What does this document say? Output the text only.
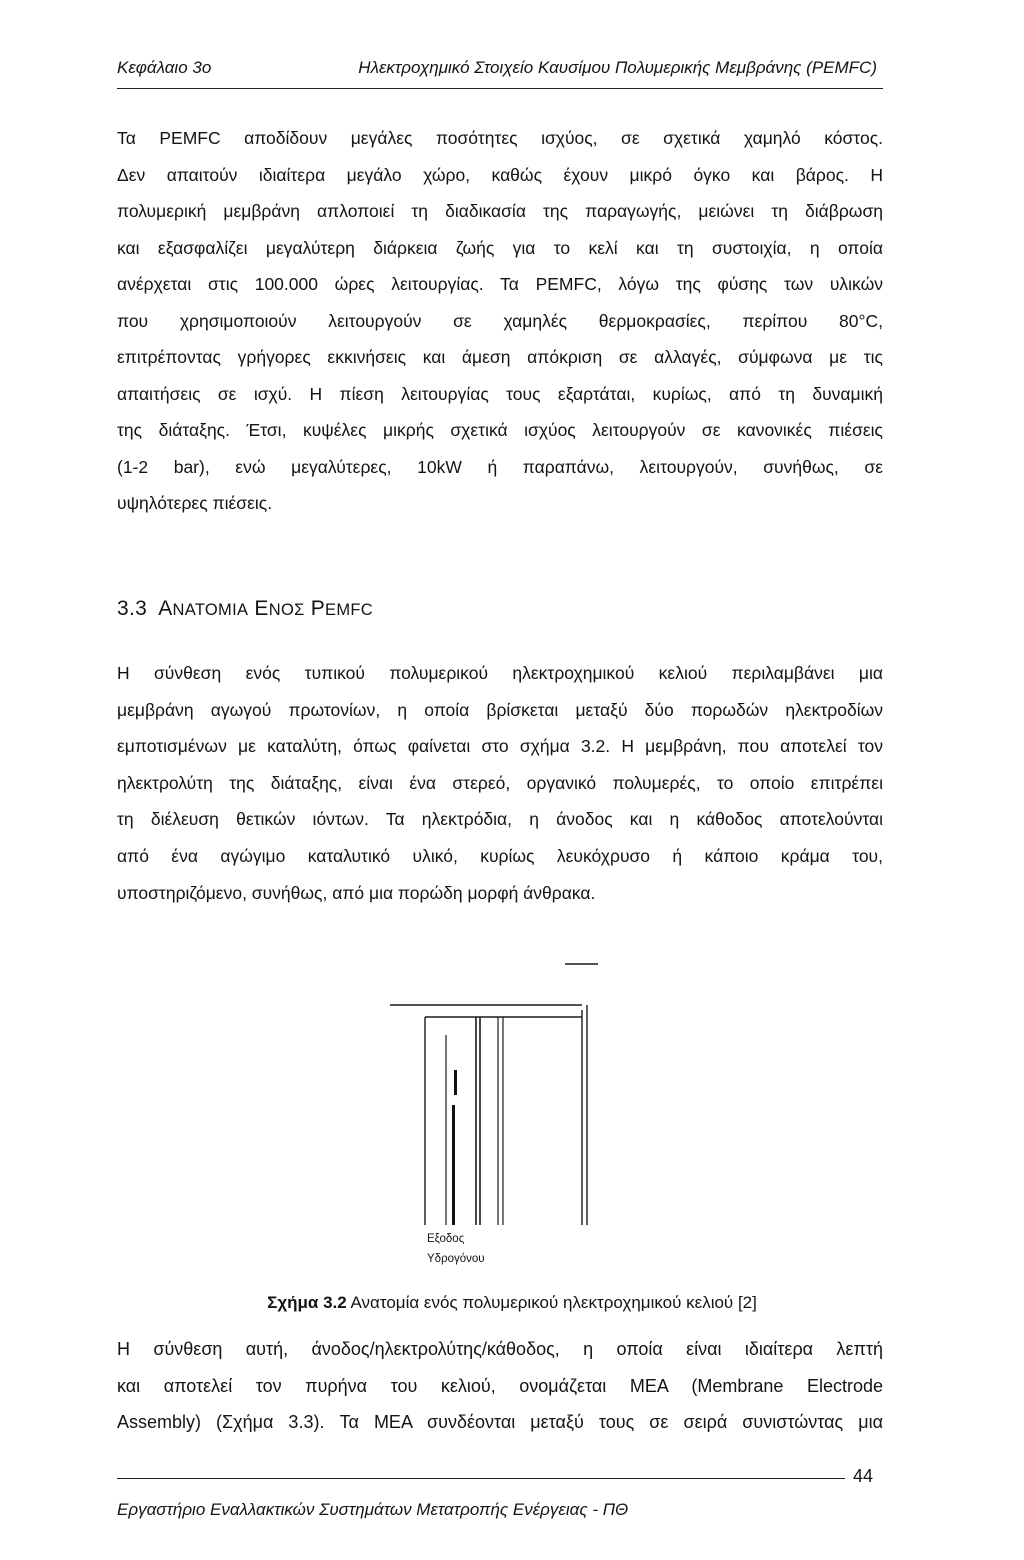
Κεφάλαιο 3ο	Ηλεκτροχημικό Στοιχείο Καυσίμου Πολυμερικής Μεμβράνης (PEMFC)

Τα PEMFC αποδίδουν μεγάλες ποσότητες ισχύος, σε σχετικά χαμηλό κόστος.
Δεν απαιτούν ιδιαίτερα μεγάλο χώρο, καθώς έχουν μικρό όγκο και βάρος. Η
πολυμερική μεμβράνη απλοποιεί τη διαδικασία της παραγωγής, μειώνει τη διάβρωση
και εξασφαλίζει μεγαλύτερη διάρκεια ζωής για το κελί και τη συστοιχία, η οποία
ανέρχεται στις 100.000 ώρες λειτουργίας. Τα PEMFC, λόγω της φύσης των υλικών
που χρησιμοποιούν λειτουργούν σε χαμηλές θερμοκρασίες, περίπου 80°C,
επιτρέποντας γρήγορες εκκινήσεις και άμεση απόκριση σε αλλαγές, σύμφωνα με τις
απαιτήσεις σε ισχύ. Η πίεση λειτουργίας τους εξαρτάται, κυρίως, από τη δυναμική
της διάταξης. Έτσι, κυψέλες μικρής σχετικά ισχύος λειτουργούν σε κανονικές πιέσεις
(1-2 bar), ενώ μεγαλύτερες, 10kW ή παραπάνω, λειτουργούν, συνήθως, σε
υψηλότερες πιέσεις.

3.3 ΑΝΑΤΟΜΙΑ ΕΝΟΣ PEMFC

Η σύνθεση ενός τυπικού πολυμερικού ηλεκτροχημικού κελιού περιλαμβάνει μια
μεμβράνη αγωγού πρωτονίων, η οποία βρίσκεται μεταξύ δύο πορωδών ηλεκτροδίων
εμποτισμένων με καταλύτη, όπως φαίνεται στο σχήμα 3.2. Η μεμβράνη, που αποτελεί τον
ηλεκτρολύτη της διάταξης, είναι ένα στερεό, οργανικό πολυμερές, το οποίο επιτρέπει
τη διέλευση θετικών ιόντων. Τα ηλεκτρόδια, η άνοδος και η κάθοδος αποτελούνται
από ένα αγώγιμο καταλυτικό υλικό, κυρίως λευκόχρυσο ή κάποιο κράμα του,
υποστηριζόμενο, συνήθως, από μια πορώδη μορφή άνθρακα.

Εξοδος
Υδρογόνου
Σχήμα 3.2 Ανατομία ενός πολυμερικού ηλεκτροχημικού κελιού [2]

Η σύνθεση αυτή, άνοδος/ηλεκτρολύτης/κάθοδος, η οποία είναι ιδιαίτερα λεπτή
και αποτελεί τον πυρήνα του κελιού, ονομάζεται MEA (Membrane Electrode
Assembly) (Σχήμα 3.3). Τα MEA συνδέονται μεταξύ τους σε σειρά συνιστώντας μια

44
Εργαστήριο Εναλλακτικών Συστημάτων Μετατροπής Ενέργειας - ΠΘ
